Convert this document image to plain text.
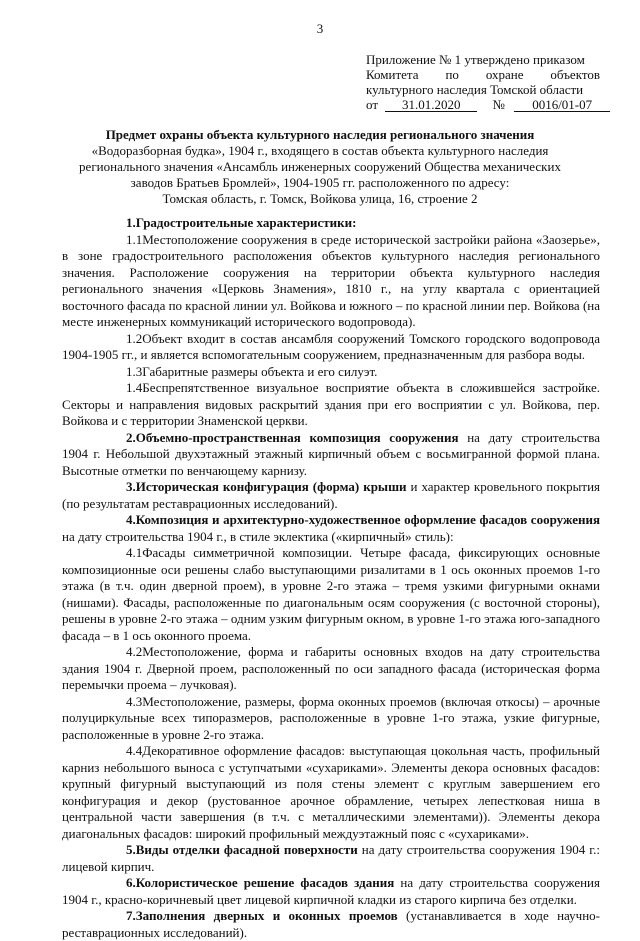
3
Приложение № 1 утверждено приказом
Комитета по охране объектов
культурного наследия Томской области
от 31.01.2020 № 0016/01-07
Предмет охраны объекта культурного наследия регионального значения
«Водоразборная будка», 1904 г., входящего в состав объекта культурного наследия
регионального значения «Ансамбль инженерных сооружений Общества механических
заводов Братьев Бромлей», 1904-1905 гг. расположенного по адресу:
Томская область, г. Томск, Войкова улица, 16, строение 2

1.Градостроительные характеристики:

1.1Местоположение сооружения в среде исторической застройки района «Заозерье», в зоне градостроительного расположения объектов культурного наследия регионального значения. Расположение сооружения на территории объекта культурного наследия регионального значения «Церковь Знамения», 1810 г., на углу квартала с ориентацией восточного фасада по красной линии ул. Войкова и южного – по красной линии пер. Войкова (на месте инженерных коммуникаций исторического водопровода).

1.2Объект входит в состав ансамбля сооружений Томского городского водопровода 1904-1905 гг., и является вспомогательным сооружением, предназначенным для разбора воды.

1.3Габаритные размеры объекта и его силуэт.

1.4Беспрепятственное визуальное восприятие объекта в сложившейся застройке. Секторы и направления видовых раскрытий здания при его восприятии с ул. Войкова, пер. Войкова и с территории Знаменской церкви.

2.Объемно-пространственная композиция сооружения на дату строительства 1904 г. Небольшой двухэтажный этажный кирпичный объем с восьмигранной формой плана. Высотные отметки по венчающему карнизу.

3.Историческая конфигурация (форма) крыши и характер кровельного покрытия (по результатам реставрационных исследований).

4.Композиция и архитектурно-художественное оформление фасадов сооружения на дату строительства 1904 г., в стиле эклектика («кирпичный» стиль):

4.1Фасады симметричной композиции. Четыре фасада, фиксирующих основные композиционные оси решены слабо выступающими ризалитами в 1 ось оконных проемов 1-го этажа (в т.ч. один дверной проем), в уровне 2-го этажа – тремя узкими фигурными окнами (нишами). Фасады, расположенные по диагональным осям сооружения (с восточной стороны), решены в уровне 2-го этажа – одним узким фигурным окном, в уровне 1-го этажа юго-западного фасада – в 1 ось оконного проема.

4.2Местоположение, форма и габариты основных входов на дату строительства здания 1904 г. Дверной проем, расположенный по оси западного фасада (историческая форма перемычки проема – лучковая).

4.3Местоположение, размеры, форма оконных проемов (включая откосы) – арочные полуциркульные всех типоразмеров, расположенные в уровне 1-го этажа, узкие фигурные, расположенные в уровне 2-го этажа.

4.4Декоративное оформление фасадов: выступающая цокольная часть, профильный карниз небольшого выноса с уступчатыми «сухариками». Элементы декора основных фасадов: крупный фигурный выступающий из поля стены элемент с круглым завершением его конфигурация и декор (рустованное арочное обрамление, четырех лепестковая ниша в центральной части завершения (в т.ч. с металлическими элементами)). Элементы декора диагональных фасадов: широкий профильный междуэтажный пояс с «сухариками».

5.Виды отделки фасадной поверхности на дату строительства сооружения 1904 г.: лицевой кирпич.

6.Колористическое решение фасадов здания на дату строительства сооружения 1904 г., красно-коричневый цвет лицевой кирпичной кладки из старого кирпича без отделки.

7.Заполнения дверных и оконных проемов (устанавливается в ходе научно-реставрационных исследований).
